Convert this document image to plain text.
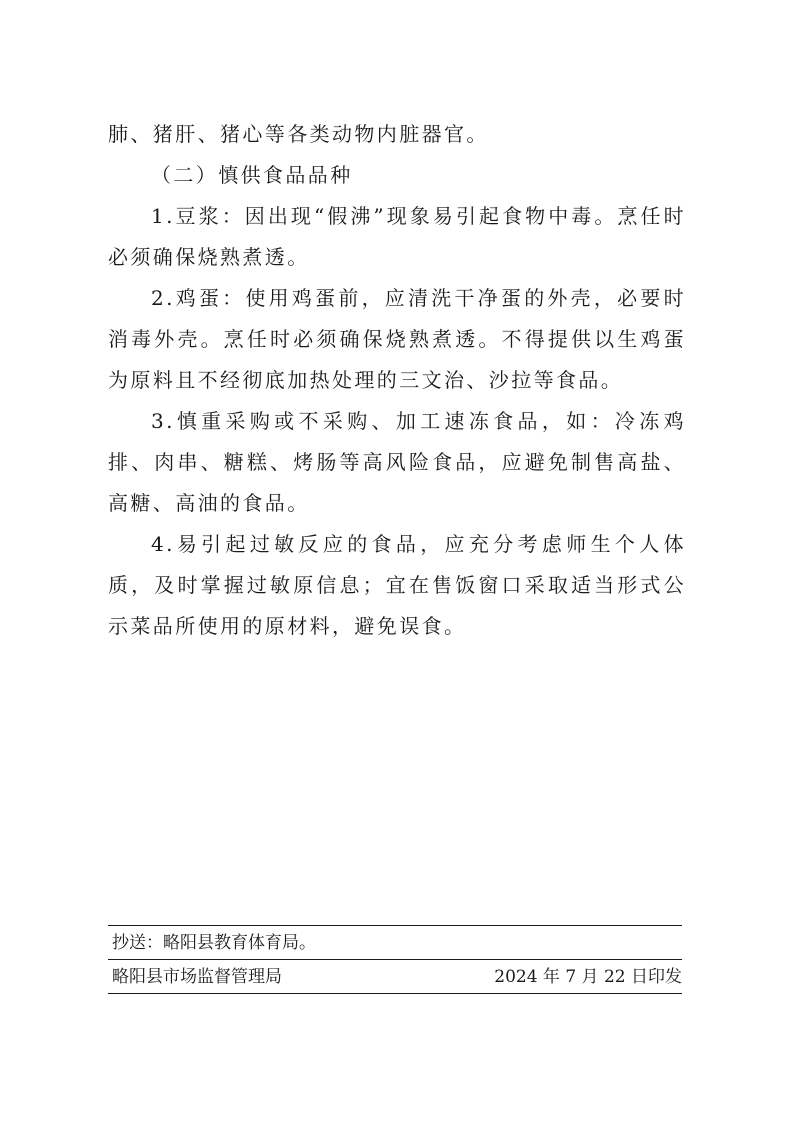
肺、猪肝、猪心等各类动物内脏器官。

（二）慎供食品品种

1.豆浆：因出现“假沸”现象易引起食物中毒。烹任时必须确保烧熟煮透。

2.鸡蛋：使用鸡蛋前，应清洗干净蛋的外壳，必要时消毒外壳。烹任时必须确保烧熟煮透。不得提供以生鸡蛋为原料且不经彻底加热处理的三文治、沙拉等食品。

3.慎重采购或不采购、加工速冻食品，如：冷冻鸡排、肉串、糖糕、烤肠等高风险食品，应避免制售高盐、高糖、高油的食品。

4.易引起过敏反应的食品，应充分考虑师生个人体质，及时掌握过敏原信息；宜在售饭窗口采取适当形式公示菜品所使用的原材料，避免误食。

抄送：略阳县教育体育局。
略阳县市场监督管理局	2024 年 7 月 22 日印发
